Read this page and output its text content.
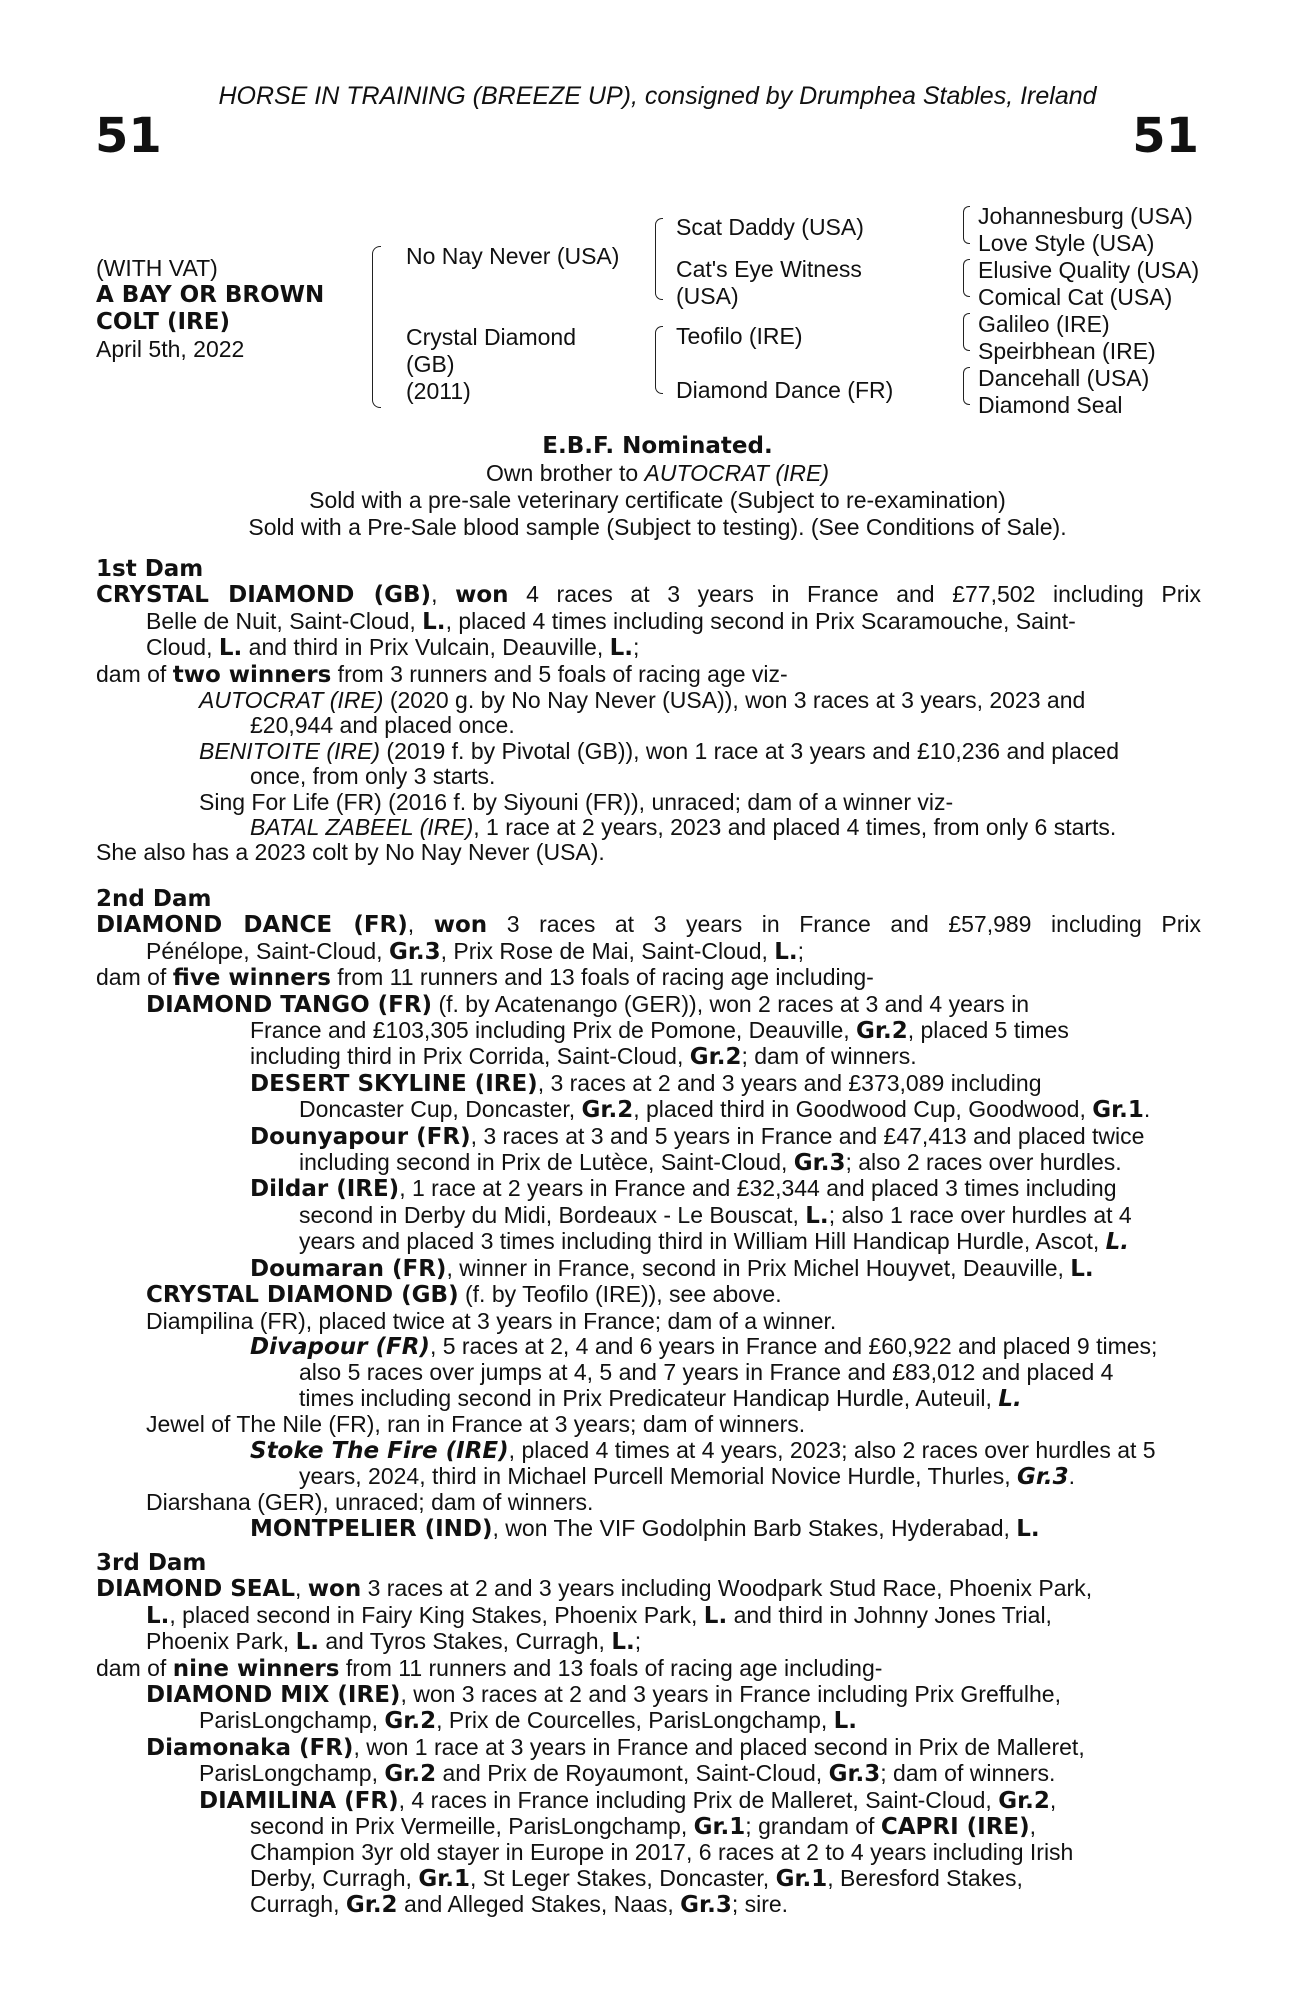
HORSE IN TRAINING (BREEZE UP), consigned by Drumphea Stables, Ireland
51	51
(WITH VAT)
A BAY OR BROWN
COLT (IRE)
April 5th, 2022
No Nay Never (USA)
Crystal Diamond
(GB)
(2011)
Scat Daddy (USA)
Cat's Eye Witness
(USA)
Teofilo (IRE)
Diamond Dance (FR)
Johannesburg (USA)
Love Style (USA)
Elusive Quality (USA)
Comical Cat (USA)
Galileo (IRE)
Speirbhean (IRE)
Dancehall (USA)
Diamond Seal
E.B.F. Nominated.
Own brother to AUTOCRAT (IRE)
Sold with a pre-sale veterinary certificate (Subject to re-examination)
Sold with a Pre-Sale blood sample (Subject to testing). (See Conditions of Sale).
1st Dam
CRYSTAL DIAMOND (GB), won 4 races at 3 years in France and £77,502 including Prix
Belle de Nuit, Saint-Cloud, L., placed 4 times including second in Prix Scaramouche, Saint-
Cloud, L. and third in Prix Vulcain, Deauville, L.;
dam of two winners from 3 runners and 5 foals of racing age viz-
AUTOCRAT (IRE) (2020 g. by No Nay Never (USA)), won 3 races at 3 years, 2023 and
£20,944 and placed once.
BENITOITE (IRE) (2019 f. by Pivotal (GB)), won 1 race at 3 years and £10,236 and placed
once, from only 3 starts.
Sing For Life (FR) (2016 f. by Siyouni (FR)), unraced; dam of a winner viz-
BATAL ZABEEL (IRE), 1 race at 2 years, 2023 and placed 4 times, from only 6 starts.
She also has a 2023 colt by No Nay Never (USA).
2nd Dam
DIAMOND DANCE (FR), won 3 races at 3 years in France and £57,989 including Prix
Pénélope, Saint-Cloud, Gr.3, Prix Rose de Mai, Saint-Cloud, L.;
dam of five winners from 11 runners and 13 foals of racing age including-
DIAMOND TANGO (FR) (f. by Acatenango (GER)), won 2 races at 3 and 4 years in
France and £103,305 including Prix de Pomone, Deauville, Gr.2, placed 5 times
including third in Prix Corrida, Saint-Cloud, Gr.2; dam of winners.
DESERT SKYLINE (IRE), 3 races at 2 and 3 years and £373,089 including
Doncaster Cup, Doncaster, Gr.2, placed third in Goodwood Cup, Goodwood, Gr.1.
Dounyapour (FR), 3 races at 3 and 5 years in France and £47,413 and placed twice
including second in Prix de Lutèce, Saint-Cloud, Gr.3; also 2 races over hurdles.
Dildar (IRE), 1 race at 2 years in France and £32,344 and placed 3 times including
second in Derby du Midi, Bordeaux - Le Bouscat, L.; also 1 race over hurdles at 4
years and placed 3 times including third in William Hill Handicap Hurdle, Ascot, L.
Doumaran (FR), winner in France, second in Prix Michel Houyvet, Deauville, L.
CRYSTAL DIAMOND (GB) (f. by Teofilo (IRE)), see above.
Diampilina (FR), placed twice at 3 years in France; dam of a winner.
Divapour (FR), 5 races at 2, 4 and 6 years in France and £60,922 and placed 9 times;
also 5 races over jumps at 4, 5 and 7 years in France and £83,012 and placed 4
times including second in Prix Predicateur Handicap Hurdle, Auteuil, L.
Jewel of The Nile (FR), ran in France at 3 years; dam of winners.
Stoke The Fire (IRE), placed 4 times at 4 years, 2023; also 2 races over hurdles at 5
years, 2024, third in Michael Purcell Memorial Novice Hurdle, Thurles, Gr.3.
Diarshana (GER), unraced; dam of winners.
MONTPELIER (IND), won The VIF Godolphin Barb Stakes, Hyderabad, L.
3rd Dam
DIAMOND SEAL, won 3 races at 2 and 3 years including Woodpark Stud Race, Phoenix Park,
L., placed second in Fairy King Stakes, Phoenix Park, L. and third in Johnny Jones Trial,
Phoenix Park, L. and Tyros Stakes, Curragh, L.;
dam of nine winners from 11 runners and 13 foals of racing age including-
DIAMOND MIX (IRE), won 3 races at 2 and 3 years in France including Prix Greffulhe,
ParisLongchamp, Gr.2, Prix de Courcelles, ParisLongchamp, L.
Diamonaka (FR), won 1 race at 3 years in France and placed second in Prix de Malleret,
ParisLongchamp, Gr.2 and Prix de Royaumont, Saint-Cloud, Gr.3; dam of winners.
DIAMILINA (FR), 4 races in France including Prix de Malleret, Saint-Cloud, Gr.2,
second in Prix Vermeille, ParisLongchamp, Gr.1; grandam of CAPRI (IRE),
Champion 3yr old stayer in Europe in 2017, 6 races at 2 to 4 years including Irish
Derby, Curragh, Gr.1, St Leger Stakes, Doncaster, Gr.1, Beresford Stakes,
Curragh, Gr.2 and Alleged Stakes, Naas, Gr.3; sire.
